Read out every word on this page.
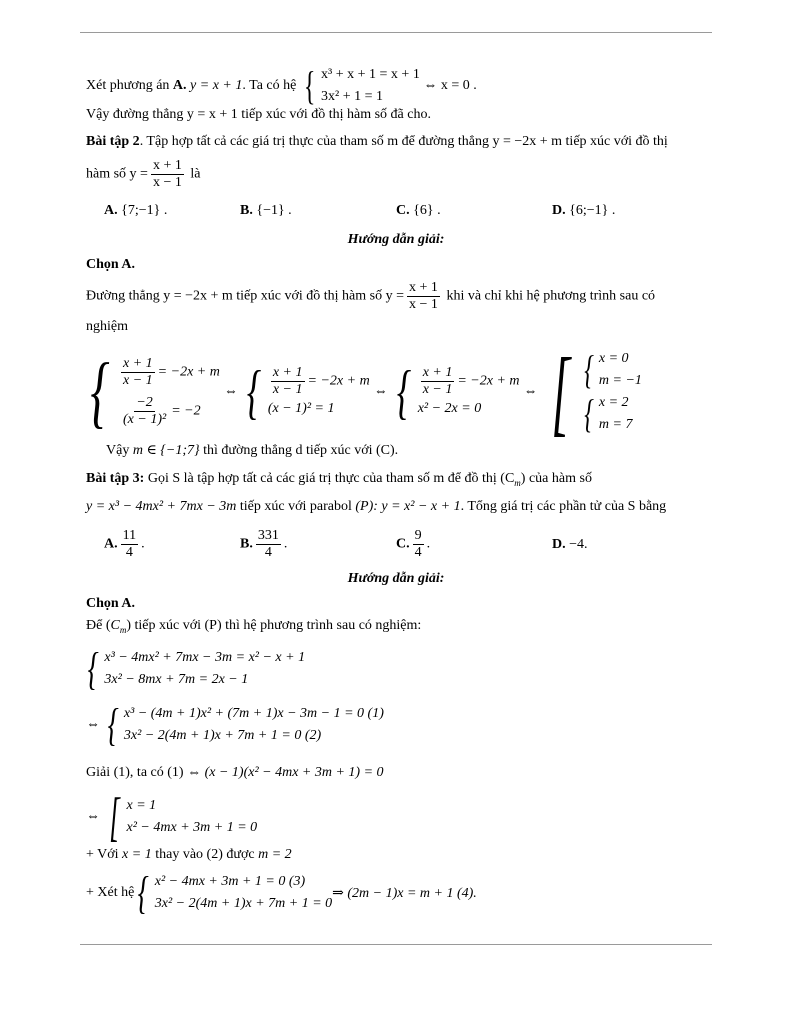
Xét phương án A. y = x + 1. Ta có hệ { x³ + x + 1 = x + 1
3x² + 1 = 1
⇔ x = 0 .
Vậy đường thẳng y = x + 1 tiếp xúc với đồ thị hàm số đã cho.
Bài tập 2. Tập hợp tất cả các giá trị thực của tham số m để đường thẳng y = −2x + m tiếp xúc với đồ thị
hàm số $y = \frac{x + 1}{x - 1}$ là
A. {7;−1} .	B. {−1} .	C. {6} .	D. {6;−1} .
Hướng dẫn giải:
Chọn A.
Đường thẳng y = −2x + m tiếp xúc với đồ thị hàm số $y = \frac{x + 1}{x - 1}$ khi và chỉ khi hệ phương trình sau có
nghiệm
{ $\frac{x + 1}{x - 1} = -2x + m$
$\frac{-2}{\text{(x − 1)²}} = -2$
⇔ { $\frac{x + 1}{x - 1} = -2x + m$
(x − 1)² = 1
⇔ { $\frac{x + 1}{x - 1} = -2x + m$
x² − 2x = 0
⇔ [ { x = 0
m = −1
{ x = 2
m = 7
Vậy m ∈ {−1;7} thì đường thẳng d tiếp xúc với (C).
Bài tập 3: Gọi S là tập hợp tất cả các giá trị thực của tham số m để đồ thị $(C_m)$ của hàm số
y = x³ − 4mx² + 7mx − 3m tiếp xúc với parabol (P): y = x² − x + 1. Tổng giá trị các phần tử của S bằng
A. $\frac{11}{4}$ .	B. $\frac{331}{4}$ .	C. $\frac{9}{4}$ .	D. −4.
Hướng dẫn giải:
Chọn A.
Để $(C_m)$ tiếp xúc với (P) thì hệ phương trình sau có nghiệm:
{ x³ − 4mx² + 7mx − 3m = x² − x + 1
3x² − 8mx + 7m = 2x − 1
⇔ { x³ − (4m + 1)x² + (7m + 1)x − 3m − 1 = 0 (1)
3x² − 2(4m + 1)x + 7m + 1 = 0 (2)
Giải (1), ta có (1) ⇔ (x − 1)(x² − 4mx + 3m + 1) = 0
⇔ [ x = 1
x² − 4mx + 3m + 1 = 0
+ Với x = 1 thay vào (2) được m = 2
+ Xét hệ { x² − 4mx + 3m + 1 = 0 (3)
3x² − 2(4m + 1)x + 7m + 1 = 0
⇒ (2m − 1)x = m + 1 (4).
